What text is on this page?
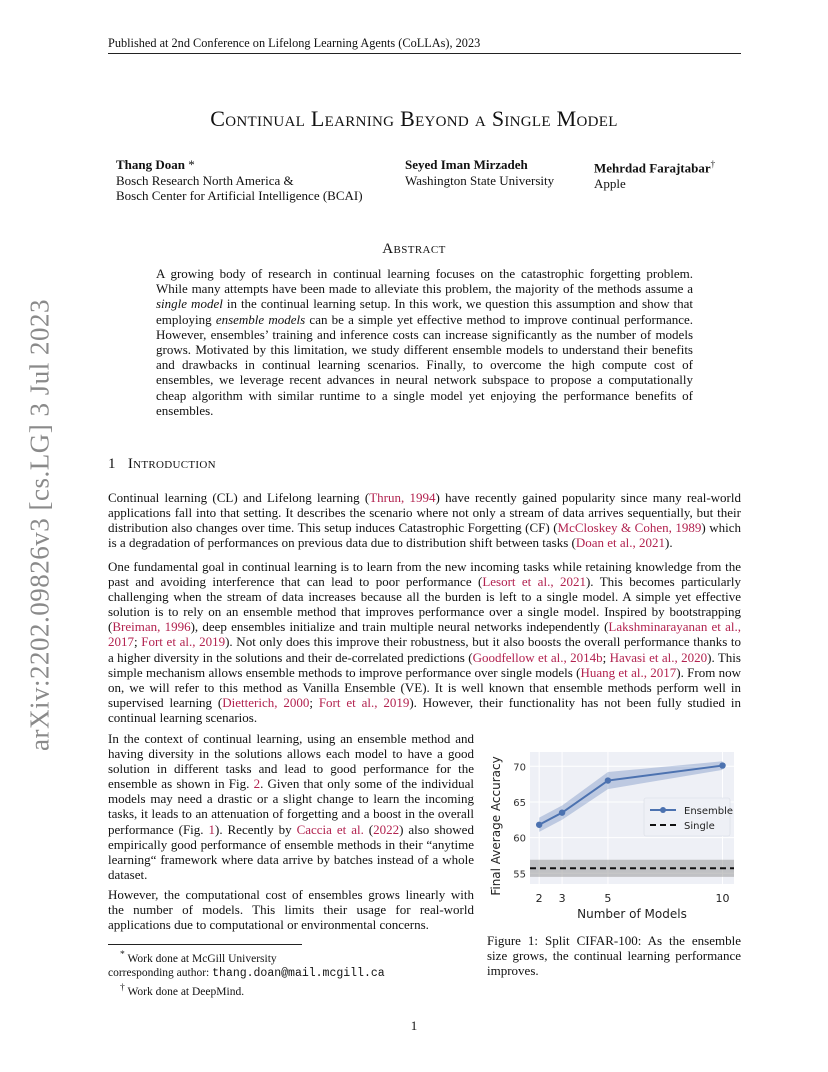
Published at 2nd Conference on Lifelong Learning Agents (CoLLAs), 2023
arXiv:2202.09826v3 [cs.LG] 3 Jul 2023
Continual Learning Beyond a Single Model
Thang Doan *
Bosch Research North America &
Bosch Center for Artificial Intelligence (BCAI)
Seyed Iman Mirzadeh
Washington State University
Mehrdad Farajtabar†
Apple
Abstract
A growing body of research in continual learning focuses on the catastrophic forgetting problem. While many attempts have been made to alleviate this problem, the majority of the methods assume a single model in the continual learning setup. In this work, we question this assumption and show that employing ensemble models can be a simple yet effective method to improve continual performance. However, ensembles’ training and inference costs can increase significantly as the number of models grows. Motivated by this limitation, we study different ensemble models to understand their benefits and drawbacks in continual learning scenarios. Finally, to overcome the high compute cost of ensembles, we leverage recent advances in neural network subspace to propose a computationally cheap algorithm with similar runtime to a single model yet enjoying the performance benefits of ensembles.
1 Introduction
Continual learning (CL) and Lifelong learning (Thrun, 1994) have recently gained popularity since many real-world applications fall into that setting. It describes the scenario where not only a stream of data arrives sequentially, but their distribution also changes over time. This setup induces Catastrophic Forgetting (CF) (McCloskey & Cohen, 1989) which is a degradation of performances on previous data due to distribution shift between tasks (Doan et al., 2021).
One fundamental goal in continual learning is to learn from the new incoming tasks while retaining knowledge from the past and avoiding interference that can lead to poor performance (Lesort et al., 2021). This becomes particularly challenging when the stream of data increases because all the burden is left to a single model. A simple yet effective solution is to rely on an ensemble method that improves performance over a single model. Inspired by bootstrapping (Breiman, 1996), deep ensembles initialize and train multiple neural networks independently (Lakshminarayanan et al., 2017; Fort et al., 2019). Not only does this improve their robustness, but it also boosts the overall performance thanks to a higher diversity in the solutions and their de-correlated predictions (Goodfellow et al., 2014b; Havasi et al., 2020). This simple mechanism allows ensemble methods to improve performance over single models (Huang et al., 2017). From now on, we will refer to this method as Vanilla Ensemble (VE). It is well known that ensemble methods perform well in supervised learning (Dietterich, 2000; Fort et al., 2019). However, their functionality has not been fully studied in continual learning scenarios.
In the context of continual learning, using an ensemble method and having diversity in the solutions allows each model to have a good solution in different tasks and lead to good performance for the ensemble as shown in Fig. 2. Given that only some of the individual models may need a drastic or a slight change to learn the incoming tasks, it leads to an attenuation of forgetting and a boost in the overall performance (Fig. 1). Recently by Caccia et al. (2022) also showed empirically good performance of ensemble methods in their “anytime learning“ framework where data arrive by batches instead of a whole dataset.
However, the computational cost of ensembles grows linearly with the number of models. This limits their usage for real-world applications due to computational or environmental concerns.
* Work done at McGill University
corresponding author: thang.doan@mail.mcgill.ca
† Work done at DeepMind.
55
60
65
70
2 3	5	10
Number of Models
Final Average Accuracy	Ensemble
Single
Figure 1: Split CIFAR-100: As the ensemble size grows, the continual learning performance improves.
1
